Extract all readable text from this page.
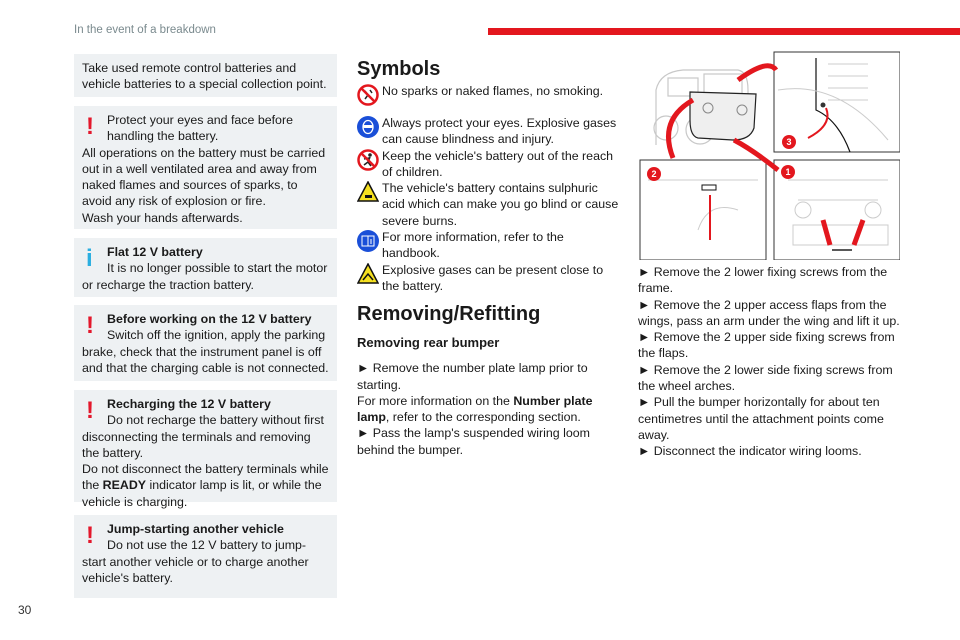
In the event of a breakdown
30
Take used remote control batteries and vehicle batteries to a special collection point.
!	Protect your eyes and face before handling the battery.
All operations on the battery must be carried out in a well ventilated area and away from naked flames and sources of sparks, to avoid any risk of explosion or fire.
Wash your hands afterwards.
i	Flat 12 V battery
It is no longer possible to start the motor or recharge the traction battery.
!	Before working on the 12 V battery
Switch off the ignition, apply the parking brake, check that the instrument panel is off and that the charging cable is not connected.
!	Recharging the 12 V battery
Do not recharge the battery without first disconnecting the terminals and removing the battery.
Do not disconnect the battery terminals while the READY indicator lamp is lit, or while the vehicle is charging.
!	Jump-starting another vehicle
Do not use the 12 V battery to jump-start another vehicle or to charge another vehicle's battery.
Symbols
No sparks or naked flames, no smoking.
Always protect your eyes. Explosive gases can cause blindness and injury.
Keep the vehicle's battery out of the reach of children.
The vehicle's battery contains sulphuric acid which can make you go blind or cause severe burns.
For more information, refer to the handbook.
Explosive gases can be present close to the battery.
Removing/Refitting
Removing rear bumper

► Remove the number plate lamp prior to starting.

For more information on the Number plate lamp, refer to the corresponding section.

► Pass the lamp's suspended wiring loom behind the bumper.

1
2
3

► Remove the 2 lower fixing screws from the frame.

► Remove the 2 upper access flaps from the wings, pass an arm under the wing and lift it up.

► Remove the 2 upper side fixing screws from the flaps.

► Remove the 2 lower side fixing screws from the wheel arches.

► Pull the bumper horizontally for about ten centimetres until the attachment points come away.

► Disconnect the indicator wiring looms.
